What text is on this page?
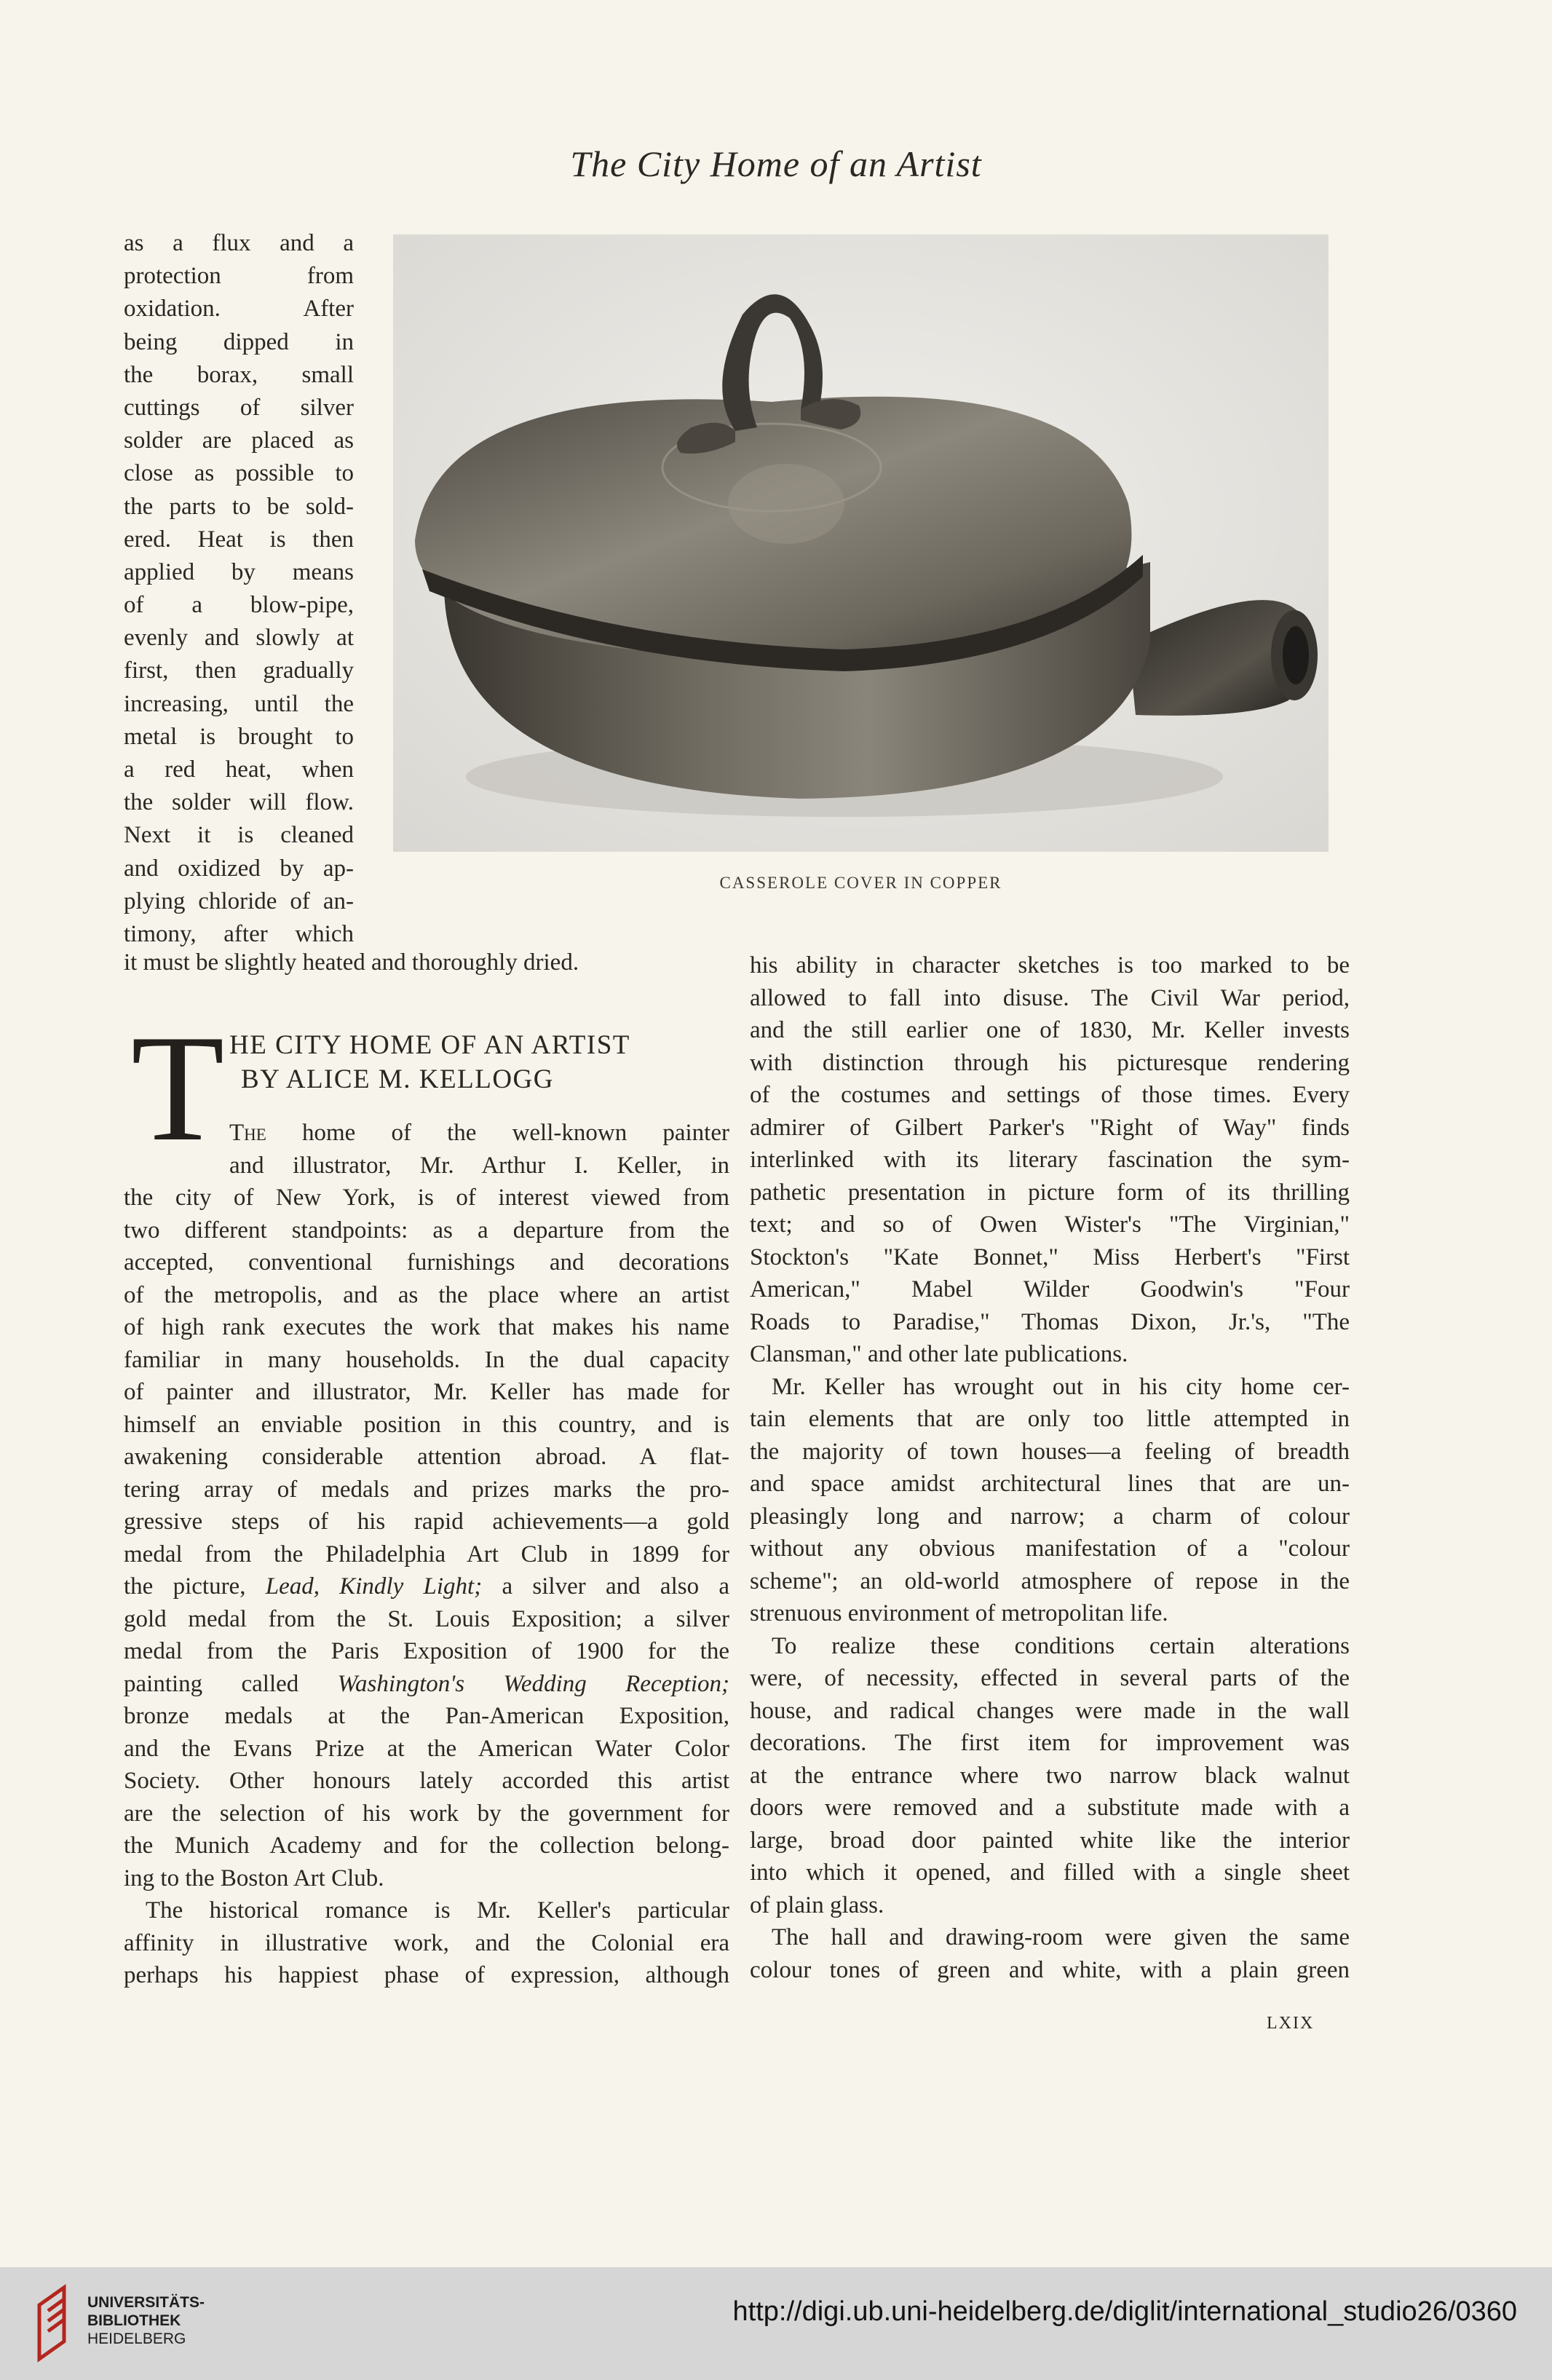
The City Home of an Artist
as a flux and a
protection from
oxidation. After
being dipped in
the borax, small
cuttings of silver
solder are placed as
close as possible to
the parts to be sold-
ered. Heat is then
applied by means
of a blow-pipe,
evenly and slowly at
first, then gradually
increasing, until the
metal is brought to
a red heat, when
the solder will flow.
Next it is cleaned
and oxidized by ap-
plying chloride of an-
timony, after which
CASSEROLE COVER IN COPPER
it must be slightly heated and thoroughly dried.
T HE CITY HOME OF AN ARTIST
BY ALICE M. KELLOGG
The home of the well-known painter
and illustrator, Mr. Arthur I. Keller, in
the city of New York, is of interest viewed from
two different standpoints: as a departure from the
accepted, conventional furnishings and decorations
of the metropolis, and as the place where an artist
of high rank executes the work that makes his name
familiar in many households. In the dual capacity
of painter and illustrator, Mr. Keller has made for
himself an enviable position in this country, and is
awakening considerable attention abroad. A flat-
tering array of medals and prizes marks the pro-
gressive steps of his rapid achievements—a gold
medal from the Philadelphia Art Club in 1899 for
the picture, Lead, Kindly Light; a silver and also a
gold medal from the St. Louis Exposition; a silver
medal from the Paris Exposition of 1900 for the
painting called Washington's Wedding Reception;
bronze medals at the Pan-American Exposition,
and the Evans Prize at the American Water Color
Society. Other honours lately accorded this artist
are the selection of his work by the government for
the Munich Academy and for the collection belong-
ing to the Boston Art Club.
The historical romance is Mr. Keller's particular
affinity in illustrative work, and the Colonial era
perhaps his happiest phase of expression, although
his ability in character sketches is too marked to be
allowed to fall into disuse. The Civil War period,
and the still earlier one of 1830, Mr. Keller invests
with distinction through his picturesque rendering
of the costumes and settings of those times. Every
admirer of Gilbert Parker's "Right of Way" finds
interlinked with its literary fascination the sym-
pathetic presentation in picture form of its thrilling
text; and so of Owen Wister's "The Virginian,"
Stockton's "Kate Bonnet," Miss Herbert's "First
American," Mabel Wilder Goodwin's "Four
Roads to Paradise," Thomas Dixon, Jr.'s, "The
Clansman," and other late publications.
Mr. Keller has wrought out in his city home cer-
tain elements that are only too little attempted in
the majority of town houses—a feeling of breadth
and space amidst architectural lines that are un-
pleasingly long and narrow; a charm of colour
without any obvious manifestation of a "colour
scheme"; an old-world atmosphere of repose in the
strenuous environment of metropolitan life.
To realize these conditions certain alterations
were, of necessity, effected in several parts of the
house, and radical changes were made in the wall
decorations. The first item for improvement was
at the entrance where two narrow black walnut
doors were removed and a substitute made with a
large, broad door painted white like the interior
into which it opened, and filled with a single sheet
of plain glass.
The hall and drawing-room were given the same
colour tones of green and white, with a plain green
LXIX
UNIVERSITÄTS-
BIBLIOTHEK
HEIDELBERG
http://digi.ub.uni-heidelberg.de/diglit/international_studio26/0360
